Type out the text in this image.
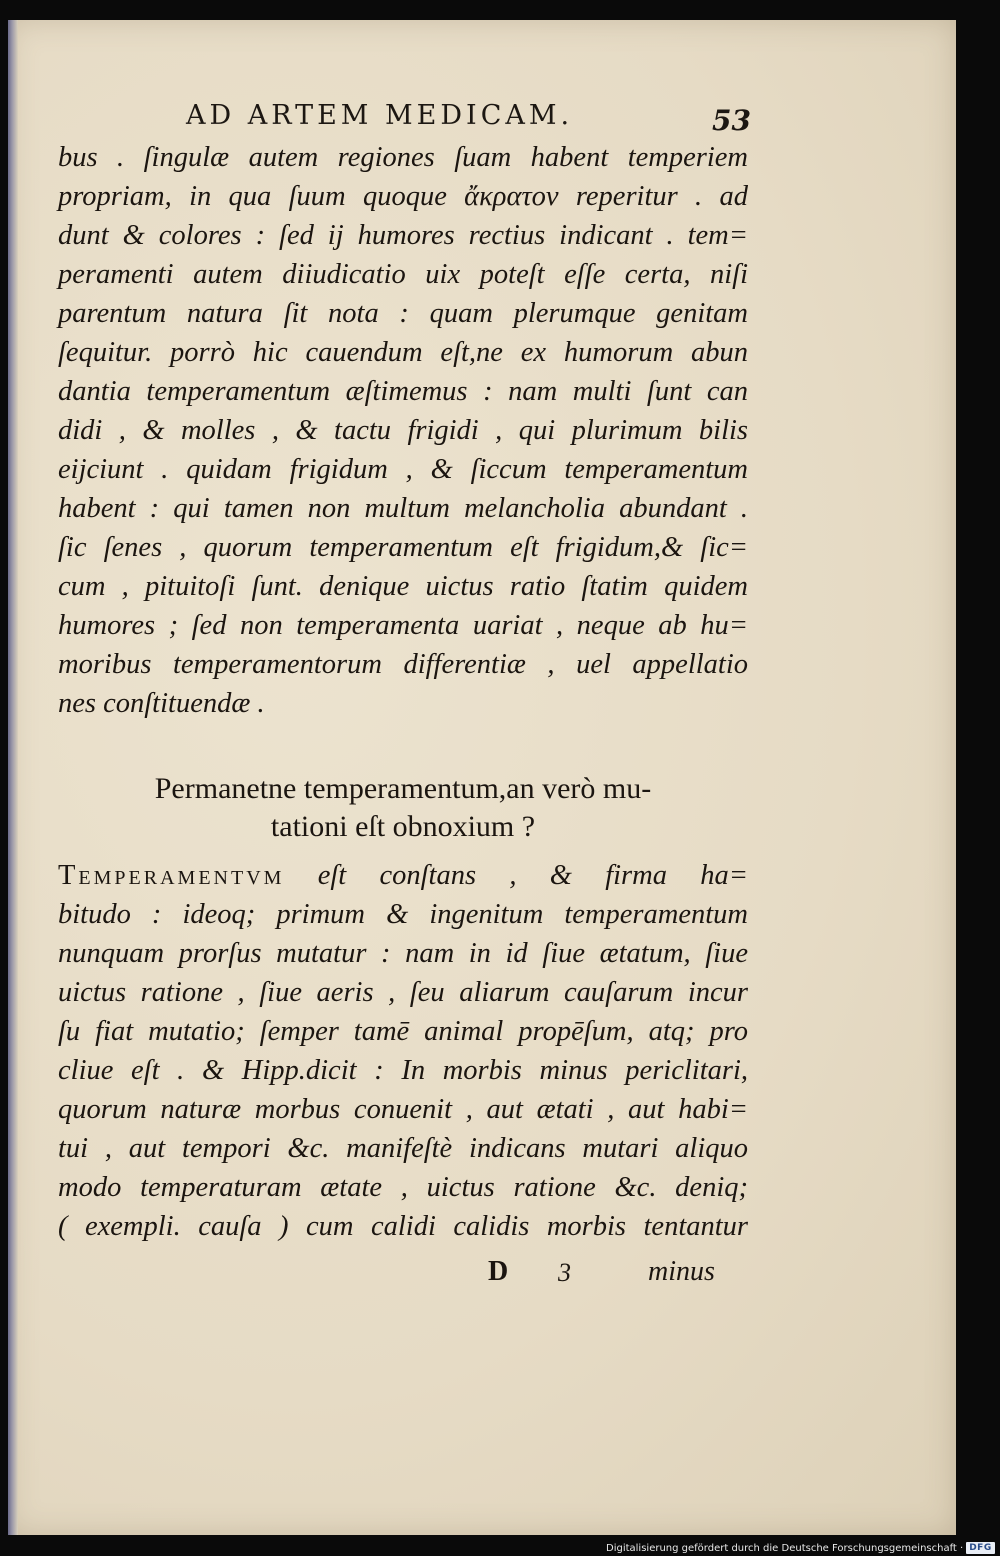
AD ARTEM MEDICAM.	53
bus . ſingulæ autem regiones ſuam habent temperiem
propriam, in qua ſuum quoque ἄκρατον reperitur . ad
dunt & colores : ſed ij humores rectius indicant . tem=
peramenti autem diiudicatio uix poteſt eſſe certa, niſi
parentum natura ſit nota : quam plerumque genitam
ſequitur. porrò hic cauendum eſt,ne ex humorum abun
dantia temperamentum æſtimemus : nam multi ſunt can
didi , & molles , & tactu frigidi , qui plurimum bilis
eijciunt . quidam frigidum , & ſiccum temperamentum
habent : qui tamen non multum melancholia abundant .
ſic ſenes , quorum temperamentum eſt frigidum,& ſic=
cum , pituitoſi ſunt. denique uictus ratio ſtatim quidem
humores ; ſed non temperamenta uariat , neque ab hu=
moribus temperamentorum differentiæ , uel appellatio
nes conſtituendæ .
Permanetne temperamentum,an verò mu-
tationi eſt obnoxium ?
Temperamentvm eſt conſtans , & firma ha=
bitudo : ideoq; primum & ingenitum temperamentum
nunquam prorſus mutatur : nam in id ſiue ætatum, ſiue
uictus ratione , ſiue aeris , ſeu aliarum cauſarum incur
ſu fiat mutatio; ſemper tamē animal propēſum, atq; pro
cliue eſt . & Hipp.dicit : In morbis minus periclitari,
quorum naturæ morbus conuenit , aut ætati , aut habi=
tui , aut tempori &c. manifeſtè indicans mutari aliquo
modo temperaturam ætate , uictus ratione &c. deniq;
( exempli. cauſa ) cum calidi calidis morbis tentantur
D 3	minus
Digitalisierung gefördert durch die Deutsche Forschungsgemeinschaft · DFG
